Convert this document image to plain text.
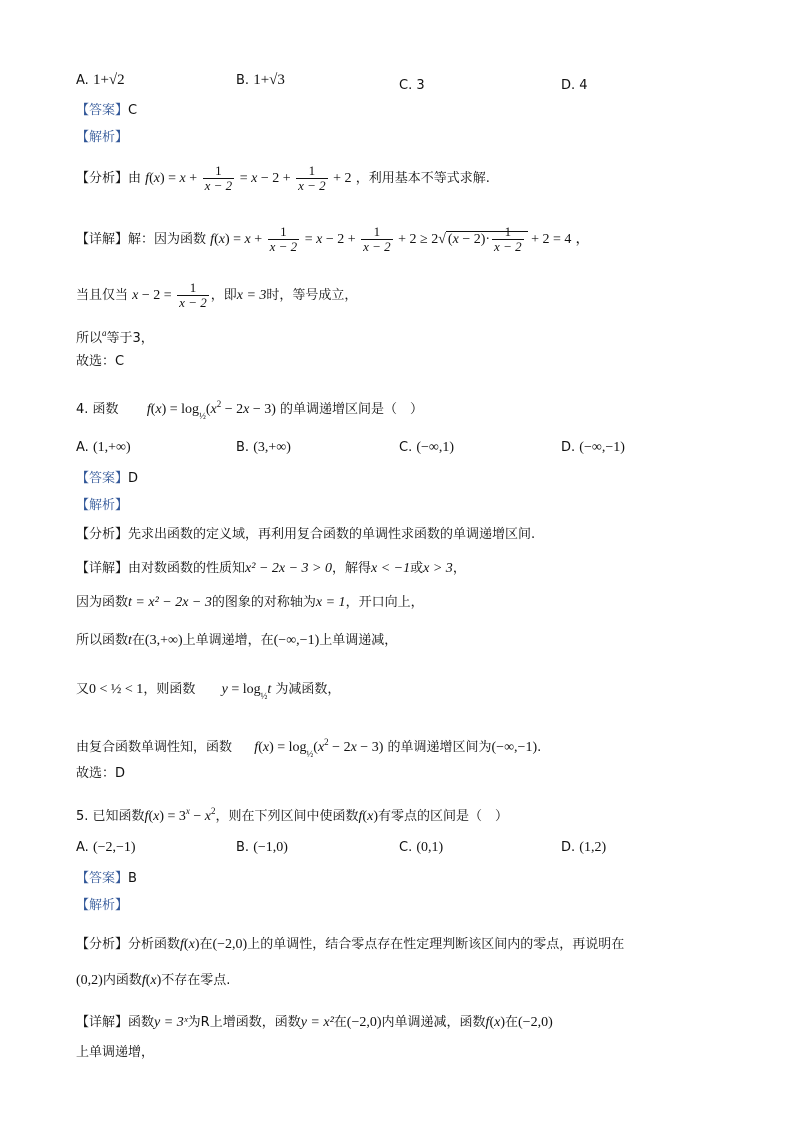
A. 1+√2	B. 1+√3	C. 3	D. 4
【答案】C
【解析】
【分析】由 $f(x) = x + \frac{1}{x - 2} = x - 2 + \frac{1}{x - 2} + 2$ ，利用基本不等式求解.
【详解】解：因为函数 $f(x) = x + \frac{1}{x - 2} = x - 2 + \frac{1}{x - 2} + 2 \ge 2√$ $(x - 2)\cdot \frac{1}{x - 2} + 2 = 4$ ，
当且仅当 $x - 2 = \frac{1}{x - 2}$ ，即x = 3时，等号成立，
所以$^a$等于3，
故选：C
4. 函数 $f(x) = \log_{\frac{1}{2}}(x^2 - 2x - 3)$ 的单调递增区间是（　）
A. (1,+∞)	B. (3,+∞)	C. (−∞,1)	D. (−∞,−1)
【答案】D
【解析】
【分析】先求出函数的定义域，再利用复合函数的单调性求函数的单调递增区间.
【详解】由对数函数的性质知x² − 2x − 3 > 0，解得x < −1或x > 3，
因为函数t = x² − 2x − 3的图象的对称轴为x = 1，开口向上，
所以函数t在(3,+∞)上单调递增，在(−∞,−1)上单调递减，
又0 < ½ < 1，则函数 $y = \log_{\frac{1}{2}}t$ 为减函数，
由复合函数单调性知，函数 $f(x) = \log_{\frac{1}{2}}(x^2 - 2x - 3)$ 的单调递增区间为(−∞,−1).
故选：D
5. 已知函数$f(x) = 3^x - x^2$，则在下列区间中使函数f(x)有零点的区间是（　）
A. (−2,−1)	B. (−1,0)	C. (0,1)	D. (1,2)
【答案】B
【解析】
【分析】分析函数f(x)在(−2,0)上的单调性，结合零点存在性定理判断该区间内的零点，再说明在
(0,2)内函数f(x)不存在零点.
【详解】函数y = 3ˣ为R上增函数，函数y = x²在(−2,0)内单调递减，函数f(x)在(−2,0)
上单调递增，
